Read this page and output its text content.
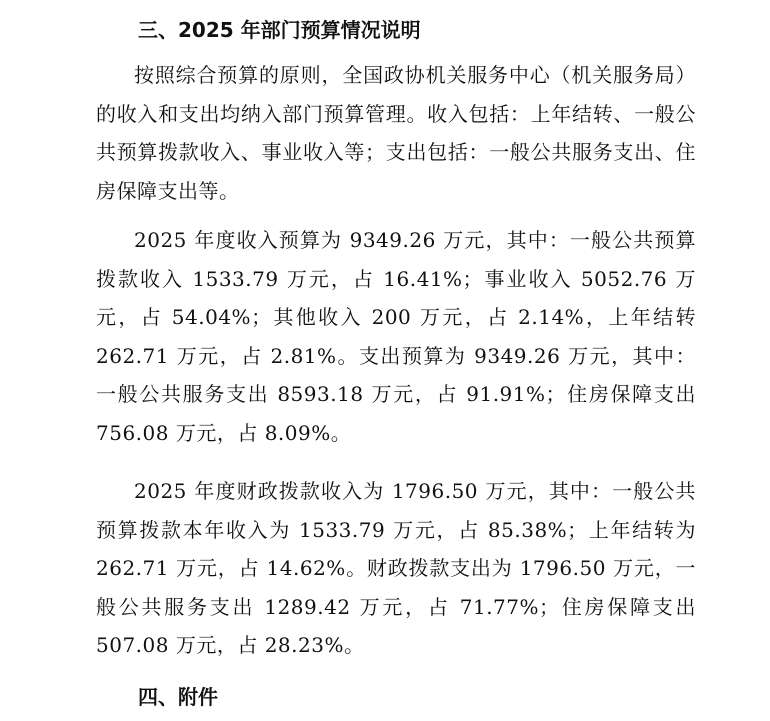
三、2025 年部门预算情况说明

按照综合预算的原则，全国政协机关服务中心（机关服务局）的收入和支出均纳入部门预算管理。收入包括：上年结转、一般公共预算拨款收入、事业收入等；支出包括：一般公共服务支出、住房保障支出等。

2025 年度收入预算为 9349.26 万元，其中：一般公共预算拨款收入 1533.79 万元，占 16.41%；事业收入 5052.76 万元，占 54.04%；其他收入 200 万元，占 2.14%，上年结转 262.71 万元，占 2.81%。支出预算为 9349.26 万元，其中：一般公共服务支出 8593.18 万元，占 91.91%；住房保障支出 756.08 万元，占 8.09%。

2025 年度财政拨款收入为 1796.50 万元，其中：一般公共预算拨款本年收入为 1533.79 万元，占 85.38%；上年结转为 262.71 万元，占 14.62%。财政拨款支出为 1796.50 万元，一般公共服务支出 1289.42 万元，占 71.77%；住房保障支出 507.08 万元，占 28.23%。

四、附件
